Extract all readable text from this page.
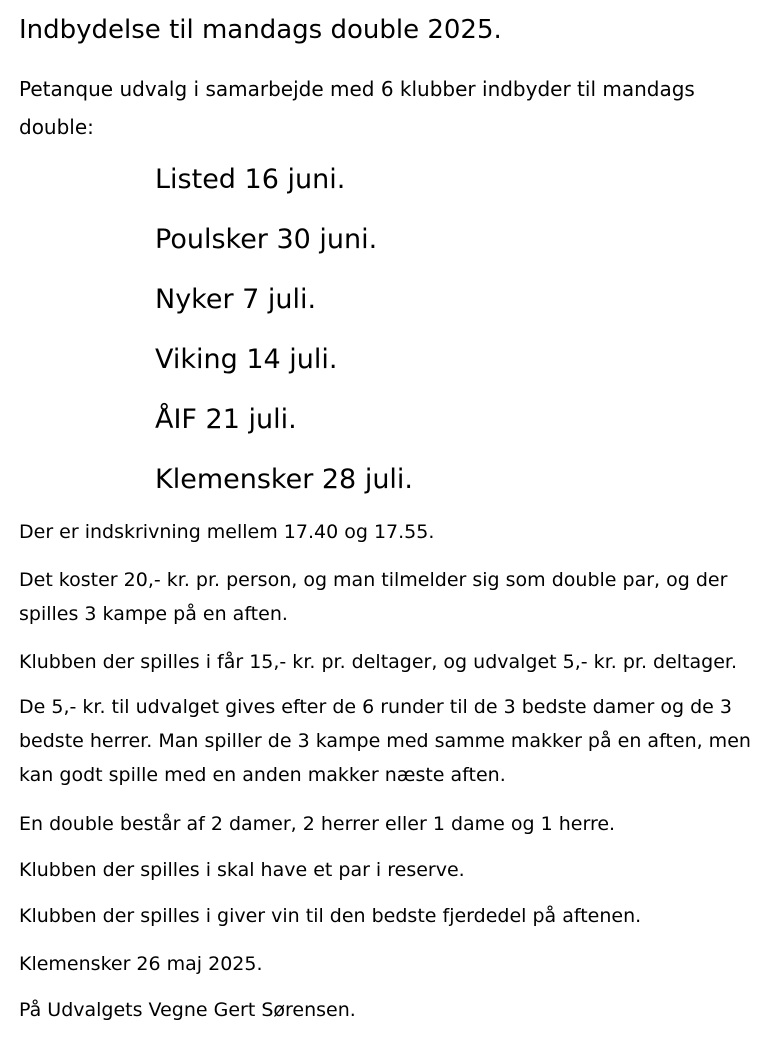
Indbydelse til mandags double 2025.
Petanque udvalg i samarbejde med 6 klubber indbyder til mandags double:
Listed 16 juni.
Poulsker 30 juni.
Nyker 7 juli.
Viking 14 juli.
ÅIF 21 juli.
Klemensker 28 juli.
Der er indskrivning mellem 17.40 og 17.55.
Det koster 20,- kr. pr. person, og man tilmelder sig som double par, og der spilles 3 kampe på en aften.
Klubben der spilles i får 15,- kr. pr. deltager, og udvalget 5,- kr. pr. deltager.
De 5,- kr. til udvalget gives efter de 6 runder til de 3 bedste damer og de 3 bedste herrer. Man spiller de 3 kampe med samme makker på en aften, men kan godt spille med en anden makker næste aften.
En double består af 2 damer, 2 herrer eller 1 dame og 1 herre.
Klubben der spilles i skal have et par i reserve.
Klubben der spilles i giver vin til den bedste fjerdedel på aftenen.
Klemensker 26 maj 2025.
På Udvalgets Vegne Gert Sørensen.
